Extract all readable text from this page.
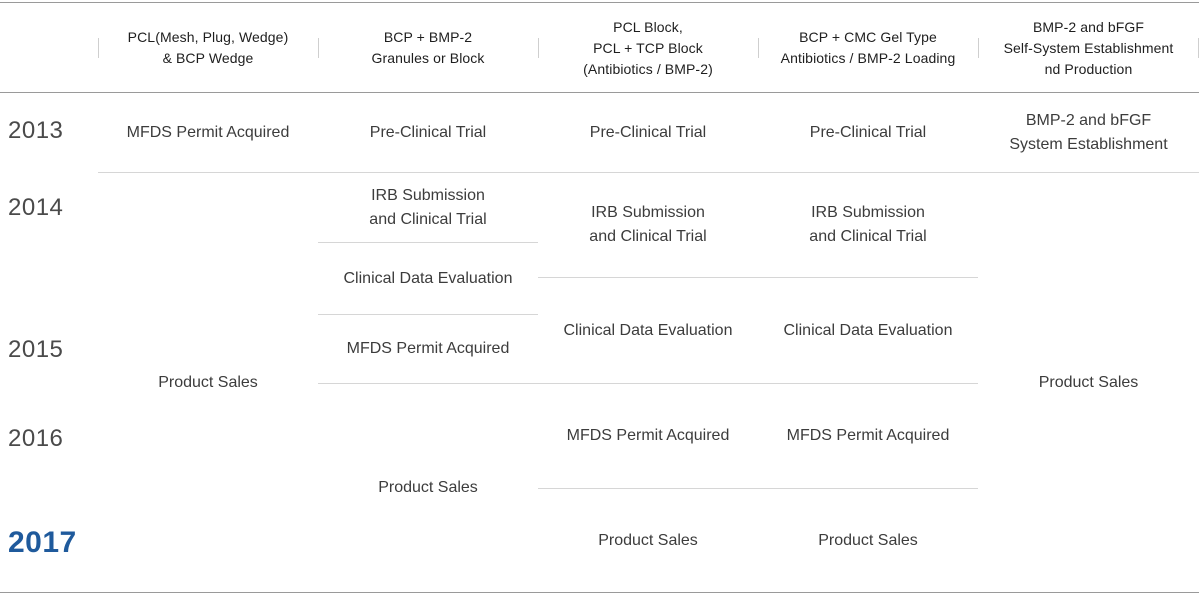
PCL(Mesh, Plug, Wedge)
& BCP Wedge
BCP + BMP-2
Granules or Block
PCL Block,
PCL + TCP Block
(Antibiotics / BMP-2)
BCP + CMC Gel Type
Antibiotics / BMP-2 Loading
BMP-2 and bFGF
Self-System Establishment
nd Production
2013
2014
2015
2016
2017
MFDS Permit Acquired
Product Sales
Pre-Clinical Trial
IRB Submission
and Clinical Trial
Clinical Data Evaluation
MFDS Permit Acquired
Product Sales
Pre-Clinical Trial
IRB Submission
and Clinical Trial
Clinical Data Evaluation
MFDS Permit Acquired
Product Sales
Pre-Clinical Trial
IRB Submission
and Clinical Trial
Clinical Data Evaluation
MFDS Permit Acquired
Product Sales
BMP-2 and bFGF
System Establishment
Product Sales
